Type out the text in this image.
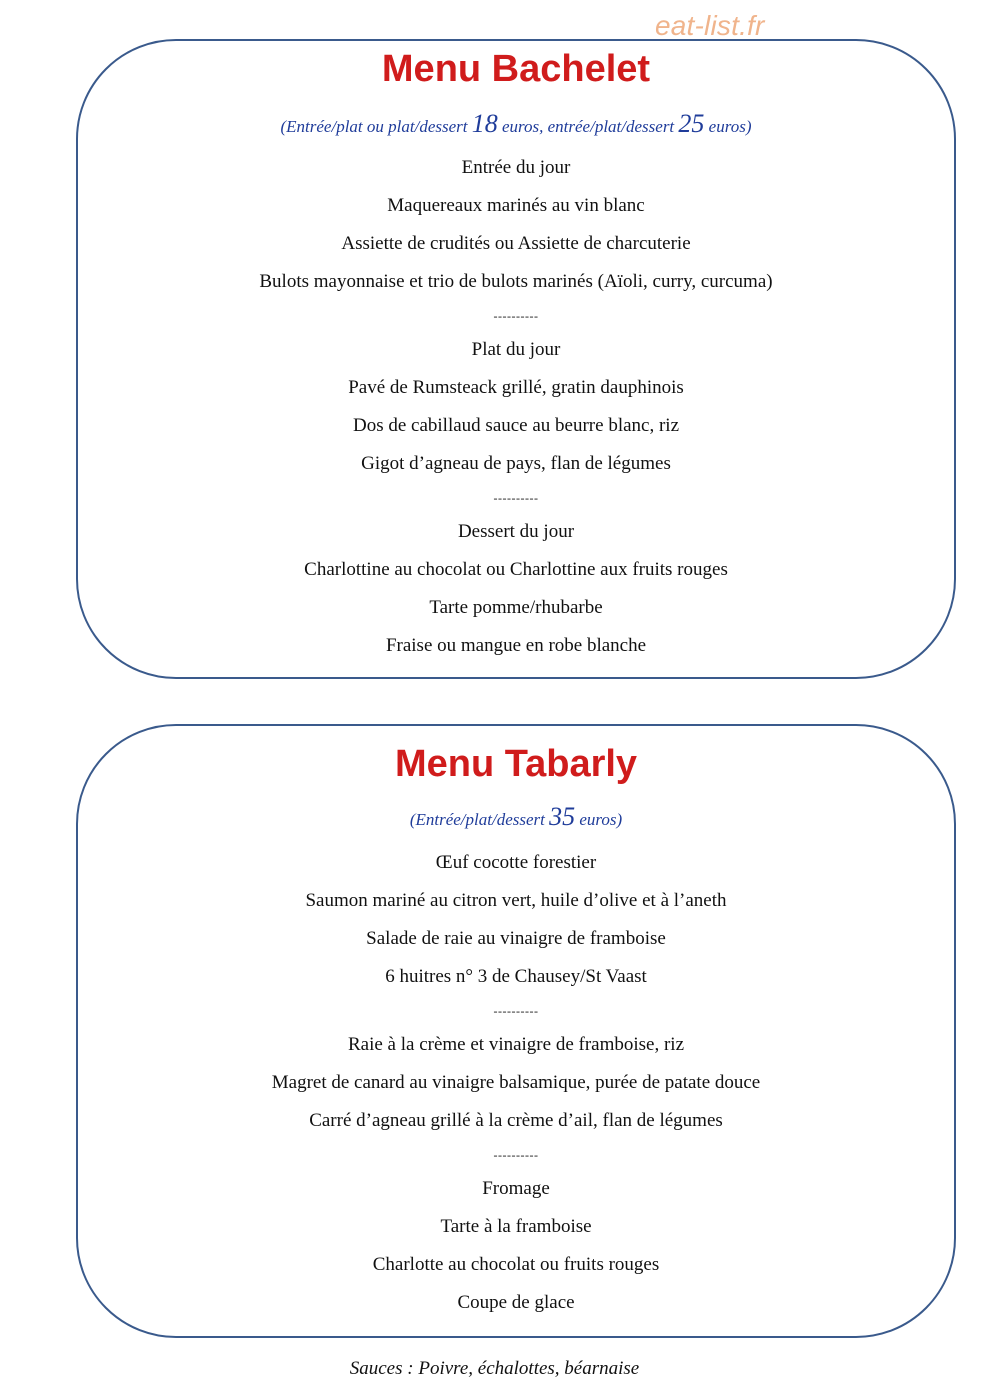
eat-list.fr
Menu Bachelet
(Entrée/plat ou plat/dessert 18 euros, entrée/plat/dessert 25 euros)
Entrée du jour
Maquereaux marinés au vin blanc
Assiette de crudités ou Assiette de charcuterie
Bulots mayonnaise et trio de bulots marinés (Aïoli, curry, curcuma)
----------
Plat du jour
Pavé de Rumsteack grillé, gratin dauphinois
Dos de cabillaud sauce au beurre blanc, riz
Gigot d’agneau de pays, flan de légumes
----------
Dessert du jour
Charlottine au chocolat ou Charlottine aux fruits rouges
Tarte pomme/rhubarbe
Fraise ou mangue en robe blanche
Menu Tabarly
(Entrée/plat/dessert 35 euros)
Œuf cocotte forestier
Saumon mariné au citron vert, huile d’olive et à l’aneth
Salade de raie au vinaigre de framboise
6 huitres n° 3 de Chausey/St Vaast
----------
Raie à la crème et vinaigre de framboise, riz
Magret de canard au vinaigre balsamique, purée de patate douce
Carré d’agneau grillé à la crème d’ail, flan de légumes
----------
Fromage
Tarte à la framboise
Charlotte au chocolat ou fruits rouges
Coupe de glace
Sauces : Poivre, échalottes, béarnaise
